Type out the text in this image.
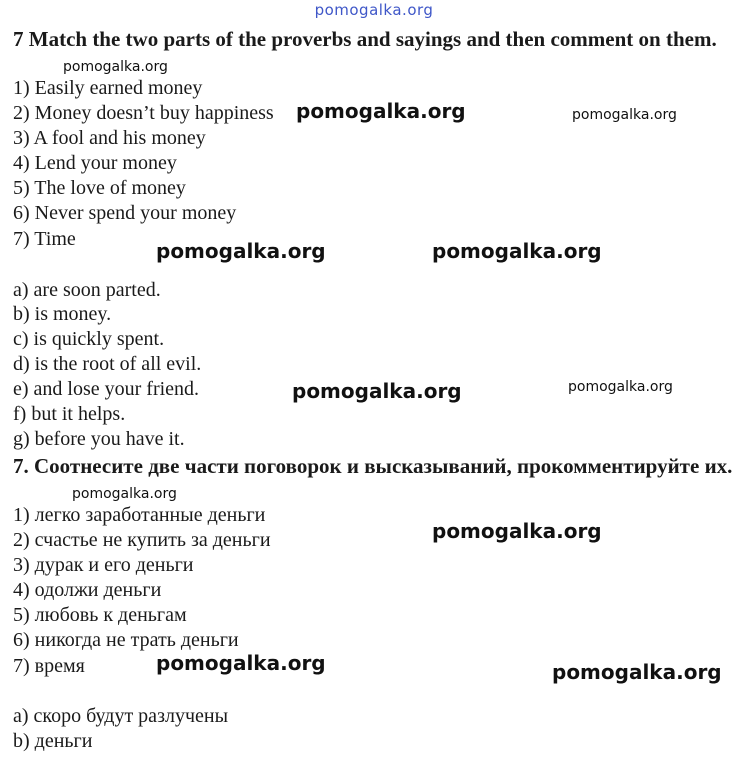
pomogalka.org
7 Match the two parts of the proverbs and sayings and then comment on them.
1) Easily earned money
2) Money doesn’t buy happiness
3) A fool and his money
4) Lend your money
5) The love of money
6) Never spend your money
7) Time
a) are soon parted.
b) is money.
c) is quickly spent.
d) is the root of all evil.
e) and lose your friend.
f) but it helps.
g) before you have it.
7. Соотнесите две части поговорок и высказываний, прокомментируйте их.
1) легко заработанные деньги
2) счастье не купить за деньги
3) дурак и его деньги
4) одолжи деньги
5) любовь к деньгам
6) никогда не трать деньги
7) время
a) скоро будут разлучены
b) деньги
pomogalka.org
pomogalka.org	pomogalka.org
pomogalka.org	pomogalka.org
pomogalka.org	pomogalka.org
pomogalka.org
pomogalka.org
pomogalka.org	pomogalka.org
